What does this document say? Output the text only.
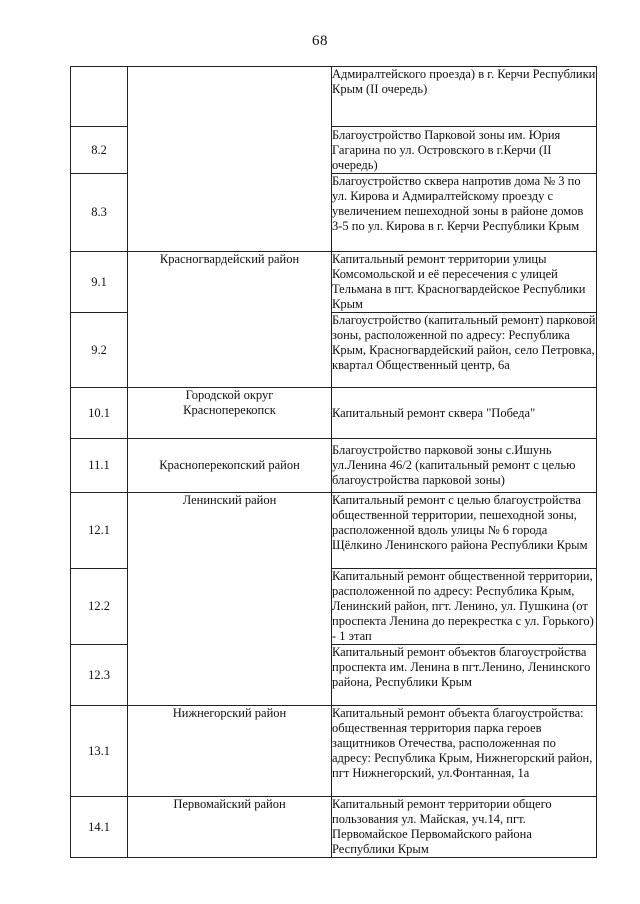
68
		Адмиралтейского проезда) в г. Керчи Республики Крым (II очередь)
8.2		Благоустройство Парковой зоны им. Юрия Гагарина по ул. Островского в г.Керчи (II очередь)
8.3		Благоустройство сквера напротив дома № 3 по ул. Кирова и Адмиралтейскому проезду с увеличением пешеходной зоны в районе домов 3-5 по ул. Кирова в г. Керчи Республики Крым
9.1	Красногвардейский район	Капитальный ремонт территории улицы Комсомольской и её пересечения с улицей Тельмана в пгт. Красногвардейское Республики Крым
9.2		Благоустройство (капитальный ремонт) парковой зоны, расположенной по адресу: Республика Крым, Красногвардейский район, село Петровка, квартал Общественный центр, 6а
10.1	Городской округ Красноперекопск	Капитальный ремонт сквера "Победа"
11.1	Красноперекопский район	Благоустройство парковой зоны с.Ишунь ул.Ленина 46/2 (капитальный ремонт с целью благоустройства парковой зоны)
12.1	Ленинский район	Капитальный ремонт с целью благоустройства общественной территории, пешеходной зоны, расположенной вдоль улицы № 6 города Щёлкино Ленинского района Республики Крым
12.2		Капитальный ремонт общественной территории, расположенной по адресу: Республика Крым, Ленинский район, пгт. Ленино, ул. Пушкина (от проспекта Ленина до перекрестка с ул. Горького) - 1 этап
12.3		Капитальный ремонт объектов благоустройства проспекта им. Ленина в пгт.Ленино, Ленинского района, Республики Крым
13.1	Нижнегорский район	Капитальный ремонт объекта благоустройства: общественная территория парка героев защитников Отечества, расположенная по адресу: Республика Крым, Нижнегорский район, пгт Нижнегорский, ул.Фонтанная, 1а
14.1	Первомайский район	Капитальный ремонт территории общего пользования ул. Майская, уч.14, пгт. Первомайское Первомайского района Республики Крым
